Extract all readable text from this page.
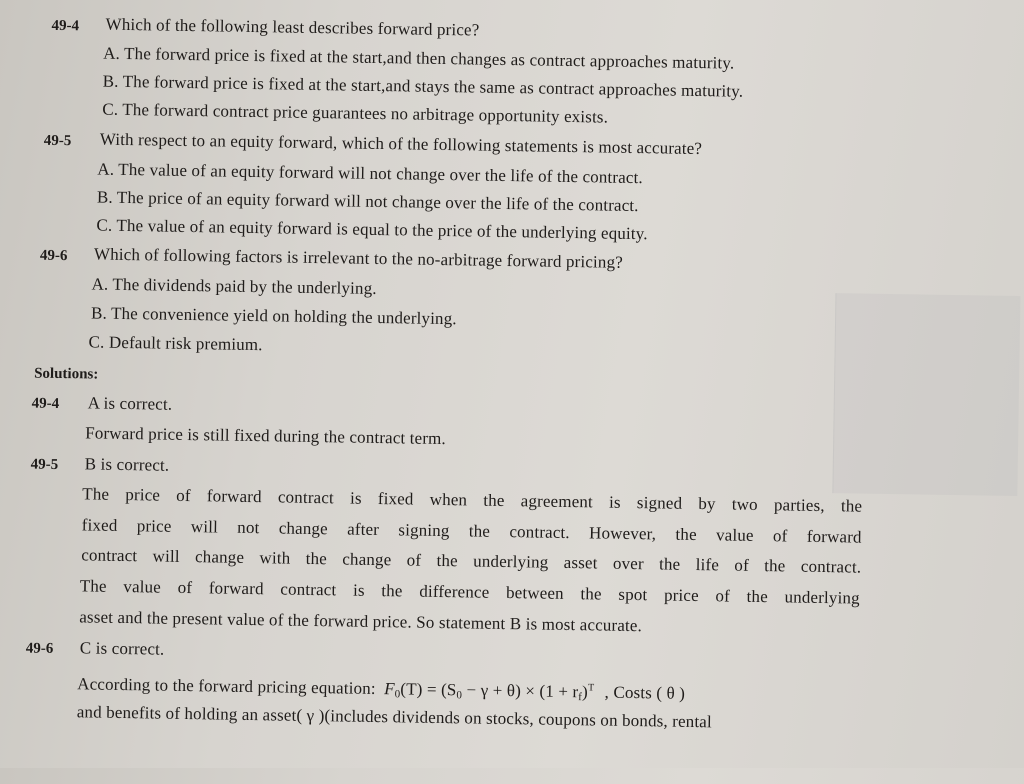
49-4 Which of the following least describes forward price?
A. The forward price is fixed at the start,and then changes as contract approaches maturity.
B. The forward price is fixed at the start,and stays the same as contract approaches maturity.
C. The forward contract price guarantees no arbitrage opportunity exists.
49-5 With respect to an equity forward, which of the following statements is most accurate?
A. The value of an equity forward will not change over the life of the contract.
B. The price of an equity forward will not change over the life of the contract.
C. The value of an equity forward is equal to the price of the underlying equity.
49-6 Which of following factors is irrelevant to the no-arbitrage forward pricing?
A. The dividends paid by the underlying.
B. The convenience yield on holding the underlying.
C. Default risk premium.
Solutions:
49-4 A is correct.
Forward price is still fixed during the contract term.
49-5 B is correct.
The price of forward contract is fixed when the agreement is signed by two parties, the
fixed price will not change after signing the contract. However, the value of forward
contract will change with the change of the underlying asset over the life of the contract.
The value of forward contract is the difference between the spot price of the underlying
asset and the present value of the forward price. So statement B is most accurate.
49-6 C is correct.
According to the forward pricing equation: $F_0(T) = (S_0 - \gamma + \theta) \times (1 + r_f)^T$ , Costs ( θ )
and benefits of holding an asset( γ )(includes dividends on stocks, coupons on bonds, rental
